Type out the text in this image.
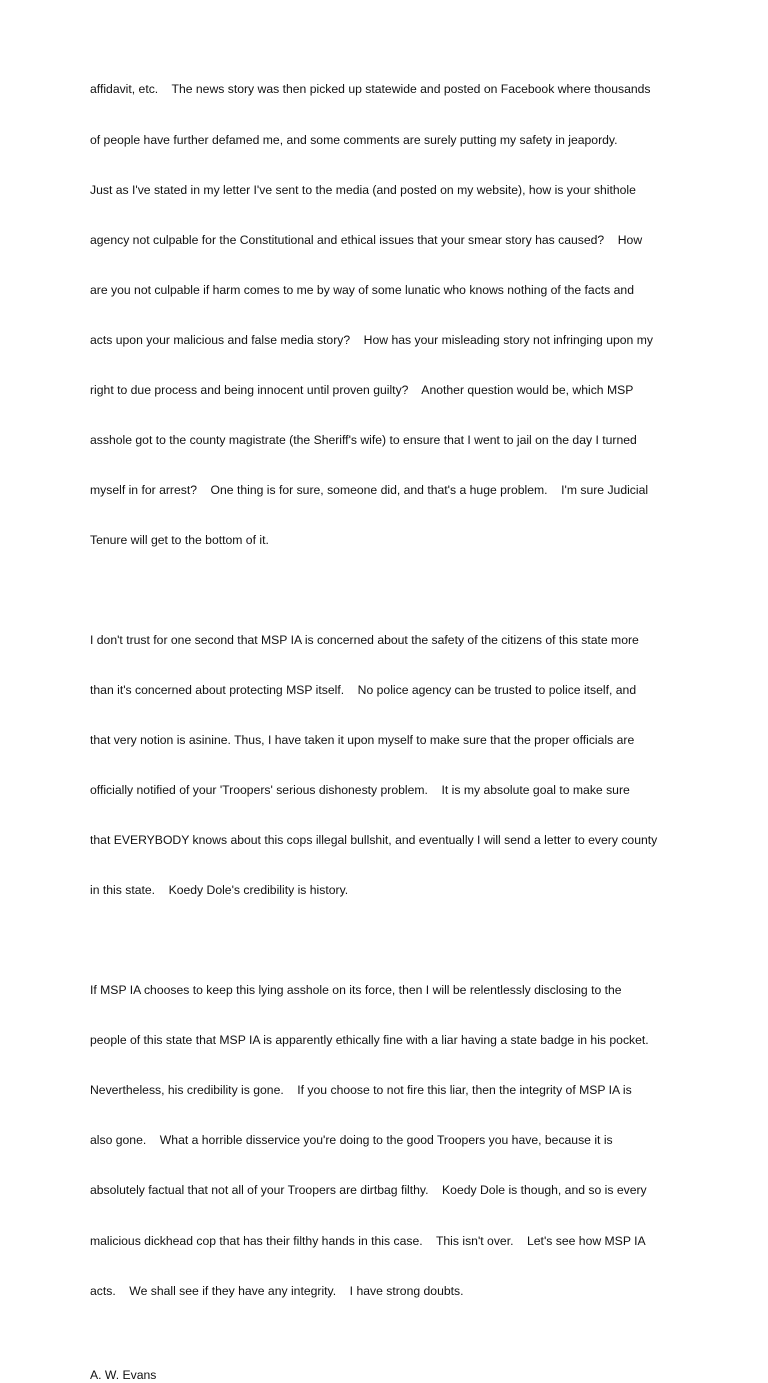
affidavit, etc.    The news story was then picked up statewide and posted on Facebook where thousands

of people have further defamed me, and some comments are surely putting my safety in jeapordy.

Just as I've stated in my letter I've sent to the media (and posted on my website), how is your shithole

agency not culpable for the Constitutional and ethical issues that your smear story has caused?    How

are you not culpable if harm comes to me by way of some lunatic who knows nothing of the facts and

acts upon your malicious and false media story?    How has your misleading story not infringing upon my

right to due process and being innocent until proven guilty?    Another question would be, which MSP

asshole got to the county magistrate (the Sheriff's wife) to ensure that I went to jail on the day I turned

myself in for arrest?    One thing is for sure, someone did, and that's a huge problem.    I'm sure Judicial

Tenure will get to the bottom of it.

I don't trust for one second that MSP IA is concerned about the safety of the citizens of this state more

than it's concerned about protecting MSP itself.    No police agency can be trusted to police itself, and

that very notion is asinine. Thus, I have taken it upon myself to make sure that the proper officials are

officially notified of your 'Troopers' serious dishonesty problem.    It is my absolute goal to make sure

that EVERYBODY knows about this cops illegal bullshit, and eventually I will send a letter to every county

in this state.    Koedy Dole's credibility is history.

If MSP IA chooses to keep this lying asshole on its force, then I will be relentlessly disclosing to the

people of this state that MSP IA is apparently ethically fine with a liar having a state badge in his pocket.

Nevertheless, his credibility is gone.    If you choose to not fire this liar, then the integrity of MSP IA is

also gone.    What a horrible disservice you're doing to the good Troopers you have, because it is

absolutely factual that not all of your Troopers are dirtbag filthy.    Koedy Dole is though, and so is every

malicious dickhead cop that has their filthy hands in this case.    This isn't over.    Let's see how MSP IA

acts.    We shall see if they have any integrity.    I have strong doubts.

A. W. Evans
